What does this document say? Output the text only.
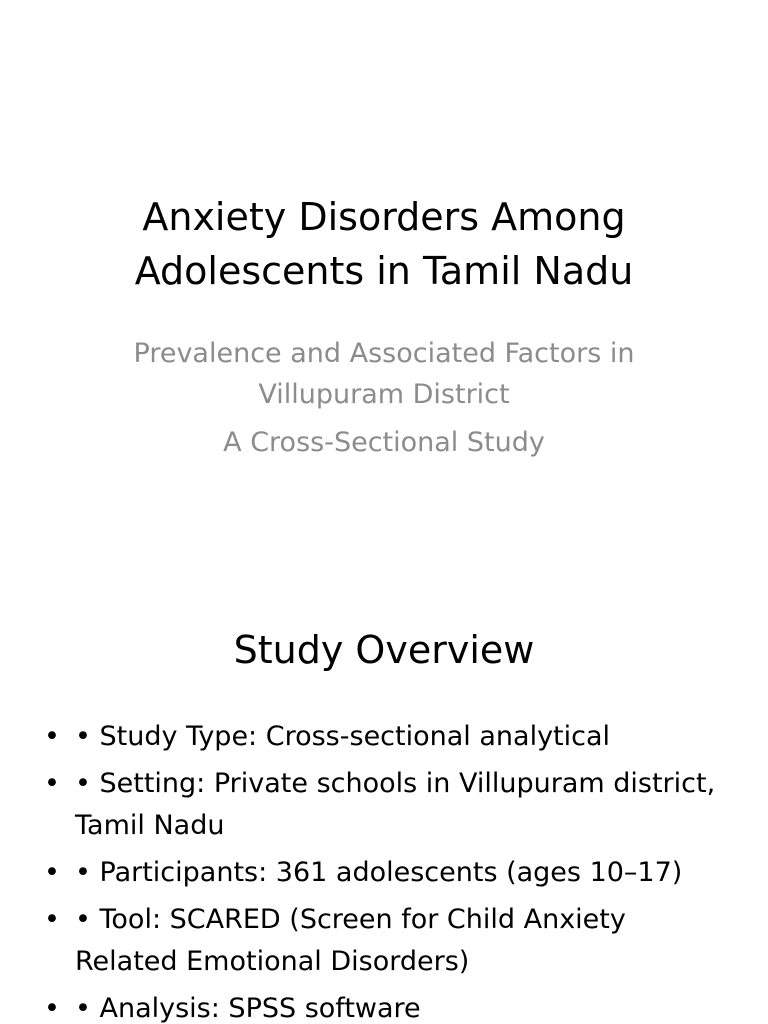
Anxiety Disorders Among
Adolescents in Tamil Nadu
Prevalence and Associated Factors in
Villupuram District
A Cross-Sectional Study
Study Overview
• • Study Type: Cross-sectional analytical
• • Setting: Private schools in Villupuram district, Tamil Nadu
• • Participants: 361 adolescents (ages 10–17)
• • Tool: SCARED (Screen for Child Anxiety Related Emotional Disorders)
• • Analysis: SPSS software
